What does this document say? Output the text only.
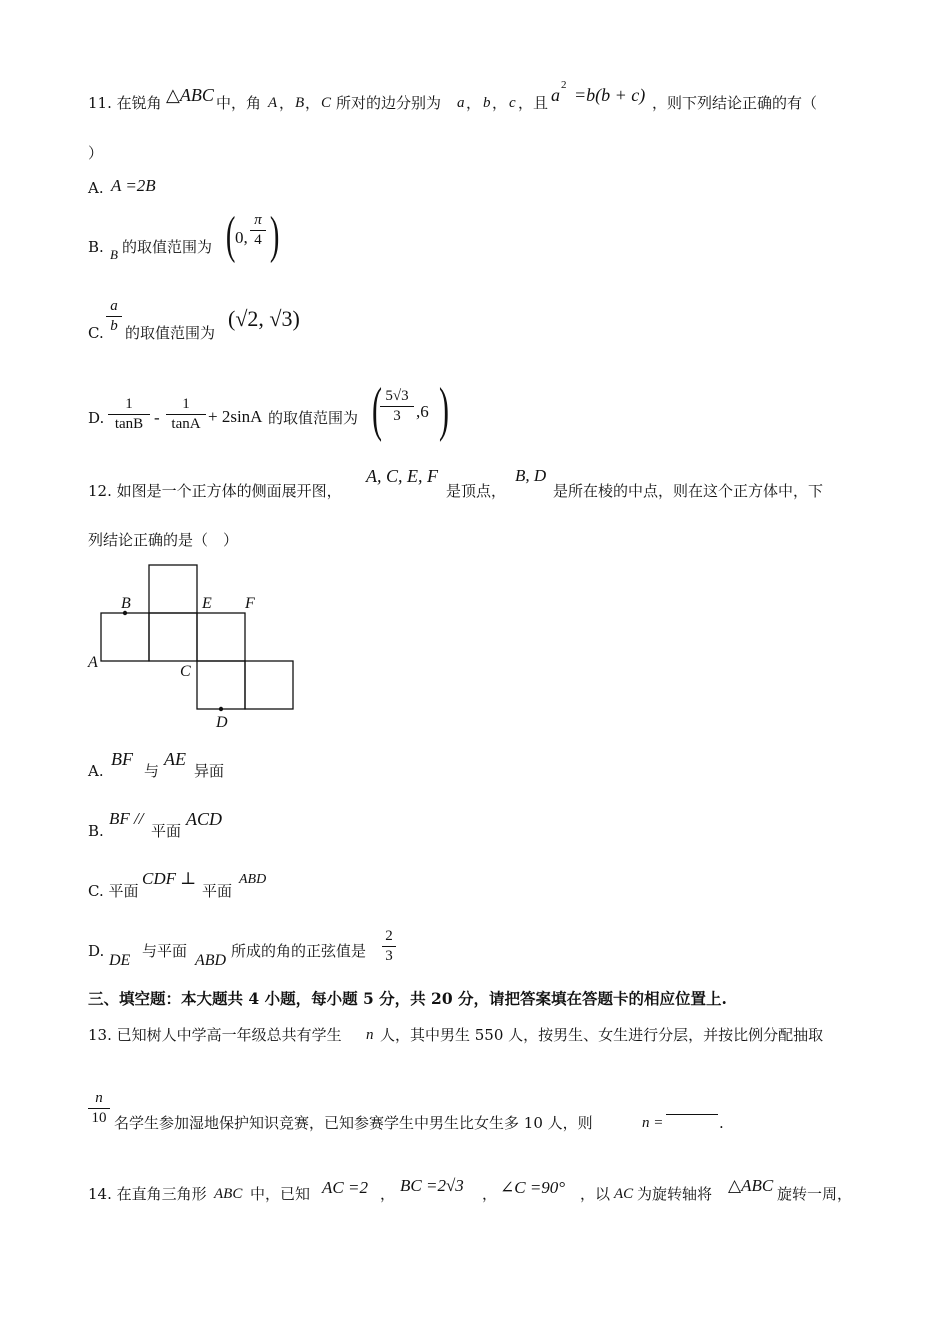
11. 在锐角 △ABC 中，角 A ， B ， C 所对的边分别为 a ， b ， c ，且 a 2 =b(b + c) ，则下列结论正确的有（
）
A. A =2B
B. B 的取值范围为 ( 0,
π
4 )
C.
a
b 的取值范围为
(√2, √3)
D.
1
tanB -
1
tanA + 2sinA 的取值范围为 ( 5√3
3 ,6 )
12. 如图是一个正方体的侧面展开图，
A, C, E, F
是顶点，
B, D
是所在棱的中点，则在这个正方体中，下
列结论正确的是（　）
B	E F
A
C
D
A.
BF
与
AE
异面
B.
BF //
平面
ACD
C. 平面
CDF ⊥
平面
ABD
D.
DE
与平面
ABD
所成的角的正弦值是
2
3
三、填空题：本大题共 4 小题，每小题 5 分，共 20 分，请把答案填在答题卡的相应位置上.
13. 已知树人中学高一年级总共有学生 n 人，其中男生 550 人，按男生、女生进行分层，并按比例分配抽取
n
10 名学生参加湿地保护知识竞赛，已知参赛学生中男生比女生多 10 人，则	n =	.
14. 在直角三角形 ABC 中，已知 AC =2 ， BC =2√3 ， ∠C =90° ，以 AC 为旋转轴将 △ABC 旋转一周，
